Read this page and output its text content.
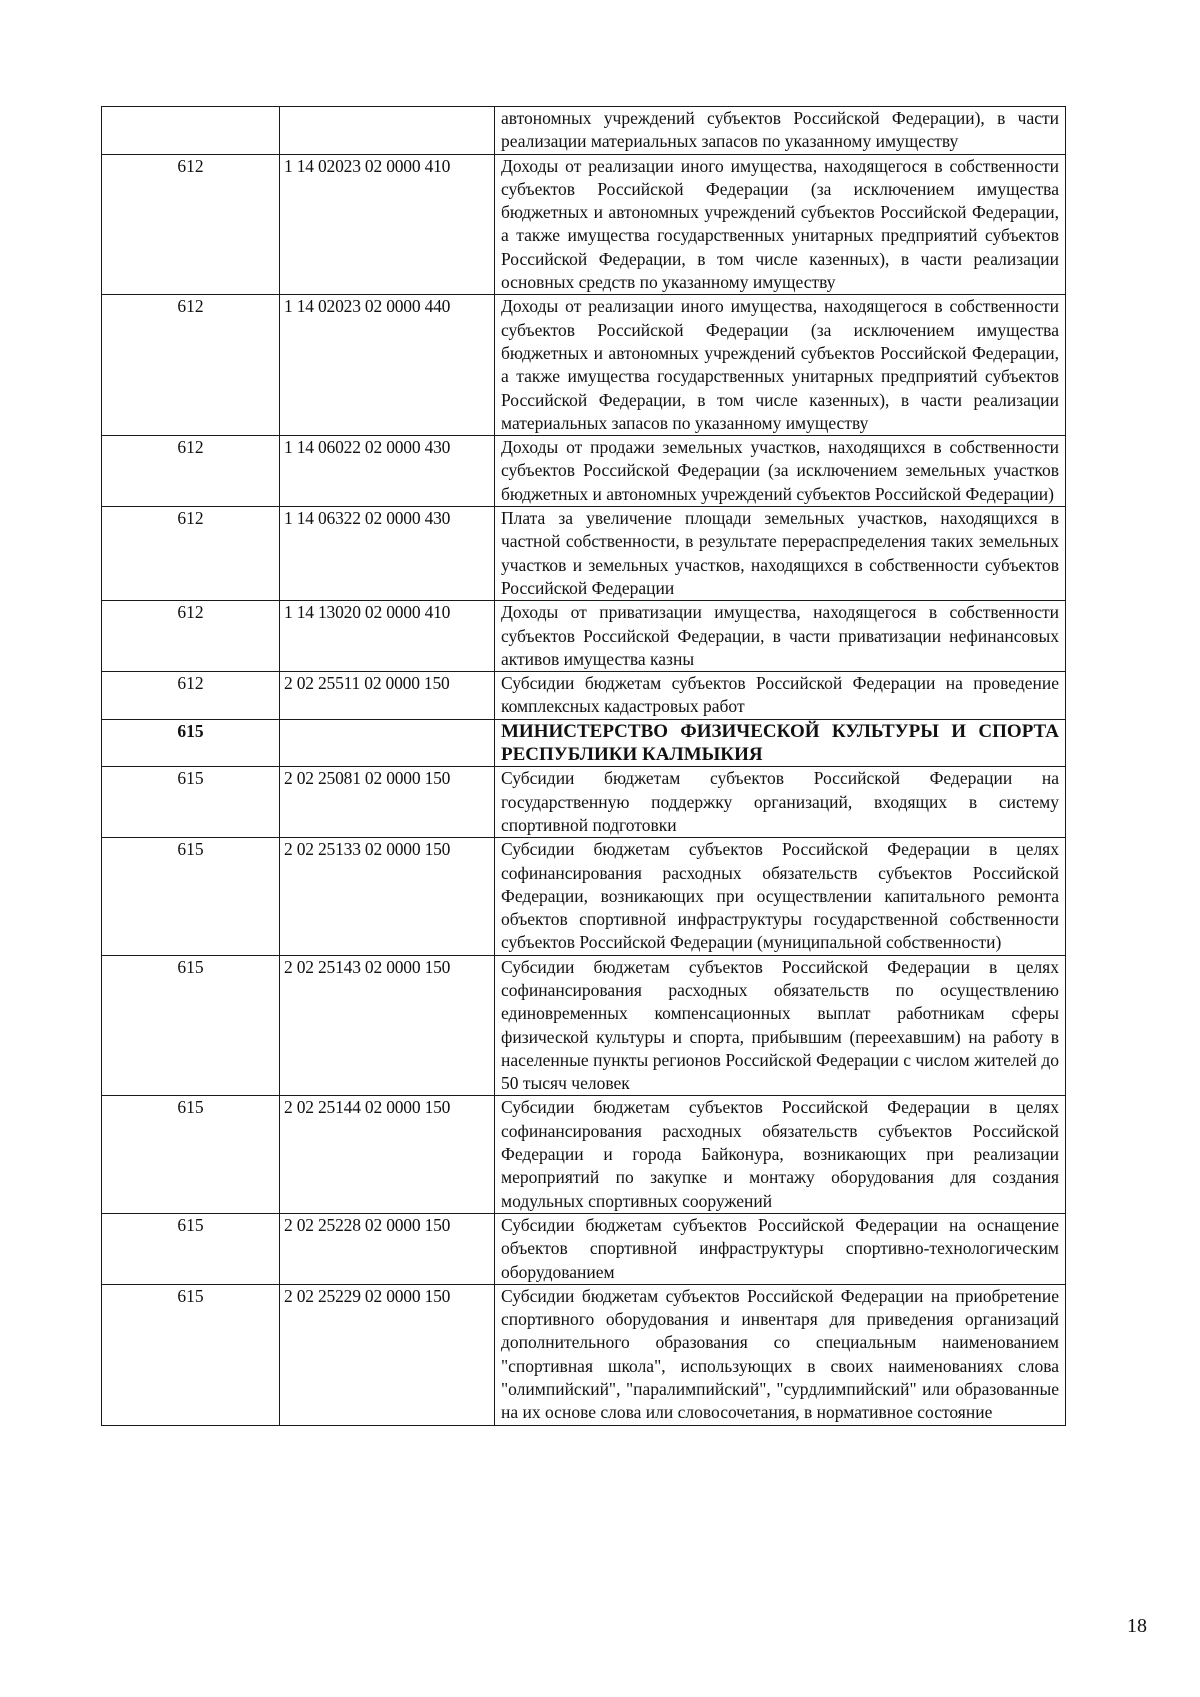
		автономных учреждений субъектов Российской Федерации), в части реализации материальных запасов по указанному имуществу
612	1 14 02023 02 0000 410	Доходы от реализации иного имущества, находящегося в собственности субъектов Российской Федерации (за исключением имущества бюджетных и автономных учреждений субъектов Российской Федерации, а также имущества государственных унитарных предприятий субъектов Российской Федерации, в том числе казенных), в части реализации основных средств по указанному имуществу
612	1 14 02023 02 0000 440	Доходы от реализации иного имущества, находящегося в собственности субъектов Российской Федерации (за исключением имущества бюджетных и автономных учреждений субъектов Российской Федерации, а также имущества государственных унитарных предприятий субъектов Российской Федерации, в том числе казенных), в части реализации материальных запасов по указанному имуществу
612	1 14 06022 02 0000 430	Доходы от продажи земельных участков, находящихся в собственности субъектов Российской Федерации (за исключением земельных участков бюджетных и автономных учреждений субъектов Российской Федерации)
612	1 14 06322 02 0000 430	Плата за увеличение площади земельных участков, находящихся в частной собственности, в результате перераспределения таких земельных участков и земельных участков, находящихся в собственности субъектов Российской Федерации
612	1 14 13020 02 0000 410	Доходы от приватизации имущества, находящегося в собственности субъектов Российской Федерации, в части приватизации нефинансовых активов имущества казны
612	2 02 25511 02 0000 150	Субсидии бюджетам субъектов Российской Федерации на проведение комплексных кадастровых работ
615		МИНИСТЕРСТВО ФИЗИЧЕСКОЙ КУЛЬТУРЫ И СПОРТА РЕСПУБЛИКИ КАЛМЫКИЯ
615	2 02 25081 02 0000 150	Субсидии бюджетам субъектов Российской Федерации на государственную поддержку организаций, входящих в систему спортивной подготовки
615	2 02 25133 02 0000 150	Субсидии бюджетам субъектов Российской Федерации в целях софинансирования расходных обязательств субъектов Российской Федерации, возникающих при осуществлении капитального ремонта объектов спортивной инфраструктуры государственной собственности субъектов Российской Федерации (муниципальной собственности)
615	2 02 25143 02 0000 150	Субсидии бюджетам субъектов Российской Федерации в целях софинансирования расходных обязательств по осуществлению единовременных компенсационных выплат работникам сферы физической культуры и спорта, прибывшим (переехавшим) на работу в населенные пункты регионов Российской Федерации с числом жителей до 50 тысяч человек
615	2 02 25144 02 0000 150	Субсидии бюджетам субъектов Российской Федерации в целях софинансирования расходных обязательств субъектов Российской Федерации и города Байконура, возникающих при реализации мероприятий по закупке и монтажу оборудования для создания модульных спортивных сооружений
615	2 02 25228 02 0000 150	Субсидии бюджетам субъектов Российской Федерации на оснащение объектов спортивной инфраструктуры спортивно-технологическим оборудованием
615	2 02 25229 02 0000 150	Субсидии бюджетам субъектов Российской Федерации на приобретение спортивного оборудования и инвентаря для приведения организаций дополнительного образования со специальным наименованием "спортивная школа", использующих в своих наименованиях слова "олимпийский", "паралимпийский", "сурдлимпийский" или образованные на их основе слова или словосочетания, в нормативное состояние
18
